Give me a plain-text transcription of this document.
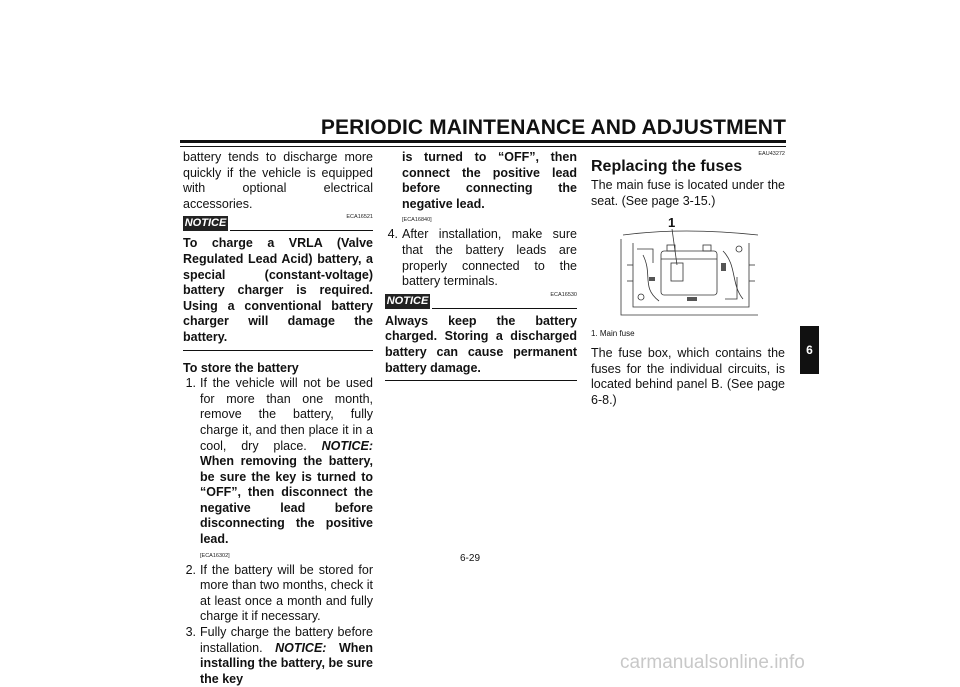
PERIODIC MAINTENANCE AND ADJUSTMENT

battery tends to discharge more quickly if the vehicle is equipped with optional electrical accessories.

NOTICE	ECA16521

To charge a VRLA (Valve Regulated Lead Acid) battery, a special (constant-voltage) battery charger is required. Using a conventional battery charger will damage the battery.

To store the battery

1. If the vehicle will not be used for more than one month, remove the battery, fully charge it, and then place it in a cool, dry place. NOTICE: When removing the battery, be sure the key is turned to “OFF”, then disconnect the negative lead before disconnecting the positive lead.
[ECA16302]
2. If the battery will be stored for more than two months, check it at least once a month and fully charge it if necessary.
3. Fully charge the battery before installation. NOTICE: When installing the battery, be sure the key

is turned to “OFF”, then connect the positive lead before connecting the negative lead.

[ECA16840]
4. After installation, make sure that the battery leads are properly connected to the battery terminals.
NOTICE	ECA16530

Always keep the battery charged. Storing a discharged battery can cause permanent battery damage.

EAU43272
Replacing the fuses

The main fuse is located under the seat. (See page 3-15.)

1
1. Main fuse

The fuse box, which contains the fuses for the individual circuits, is located behind panel B. (See page 6-8.)

6-29
6
carmanualsonline.info
